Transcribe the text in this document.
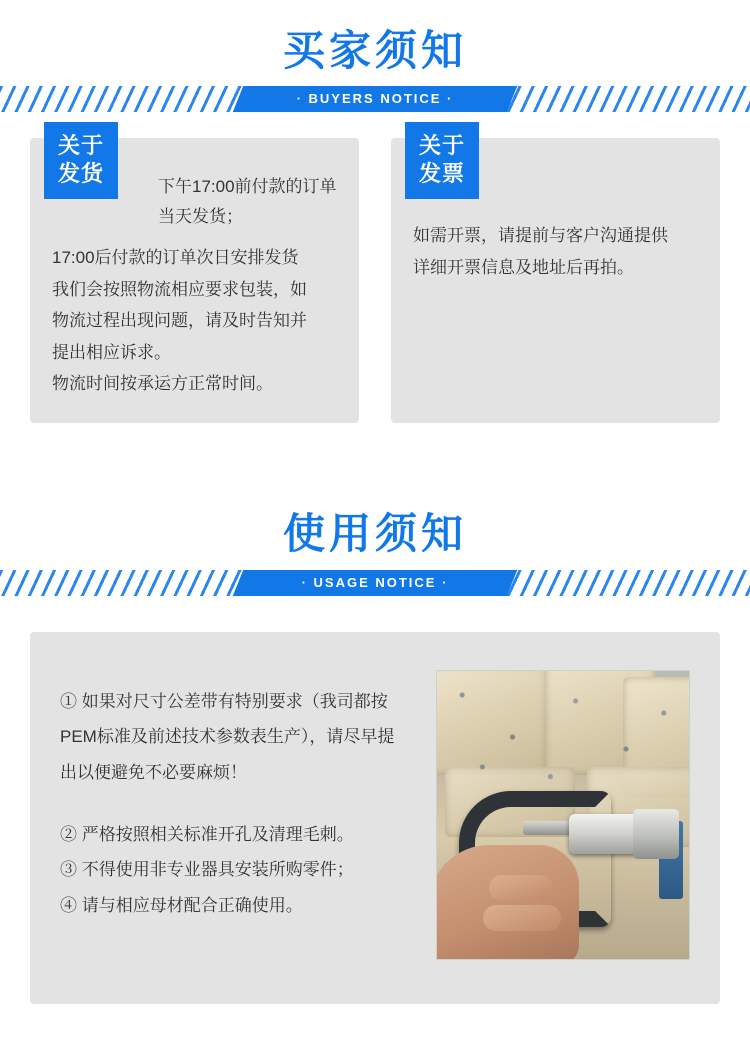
买家须知
· BUYERS NOTICE ·
关于
发货
下午17:00前付款的订单当天发货；

17:00后付款的订单次日安排发货

我们会按照物流相应要求包装，如

物流过程出现问题，请及时告知并

提出相应诉求。

物流时间按承运方正常时间。

关于
发票

如需开票，请提前与客户沟通提供

详细开票信息及地址后再拍。

使用须知
· USAGE NOTICE ·
① 如果对尺寸公差带有特别要求（我司都按
PEM标准及前述技术参数表生产），请尽早提
出以便避免不必要麻烦！
② 严格按照相关标准开孔及清理毛刺。
③ 不得使用非专业器具安装所购零件；
④ 请与相应母材配合正确使用。
